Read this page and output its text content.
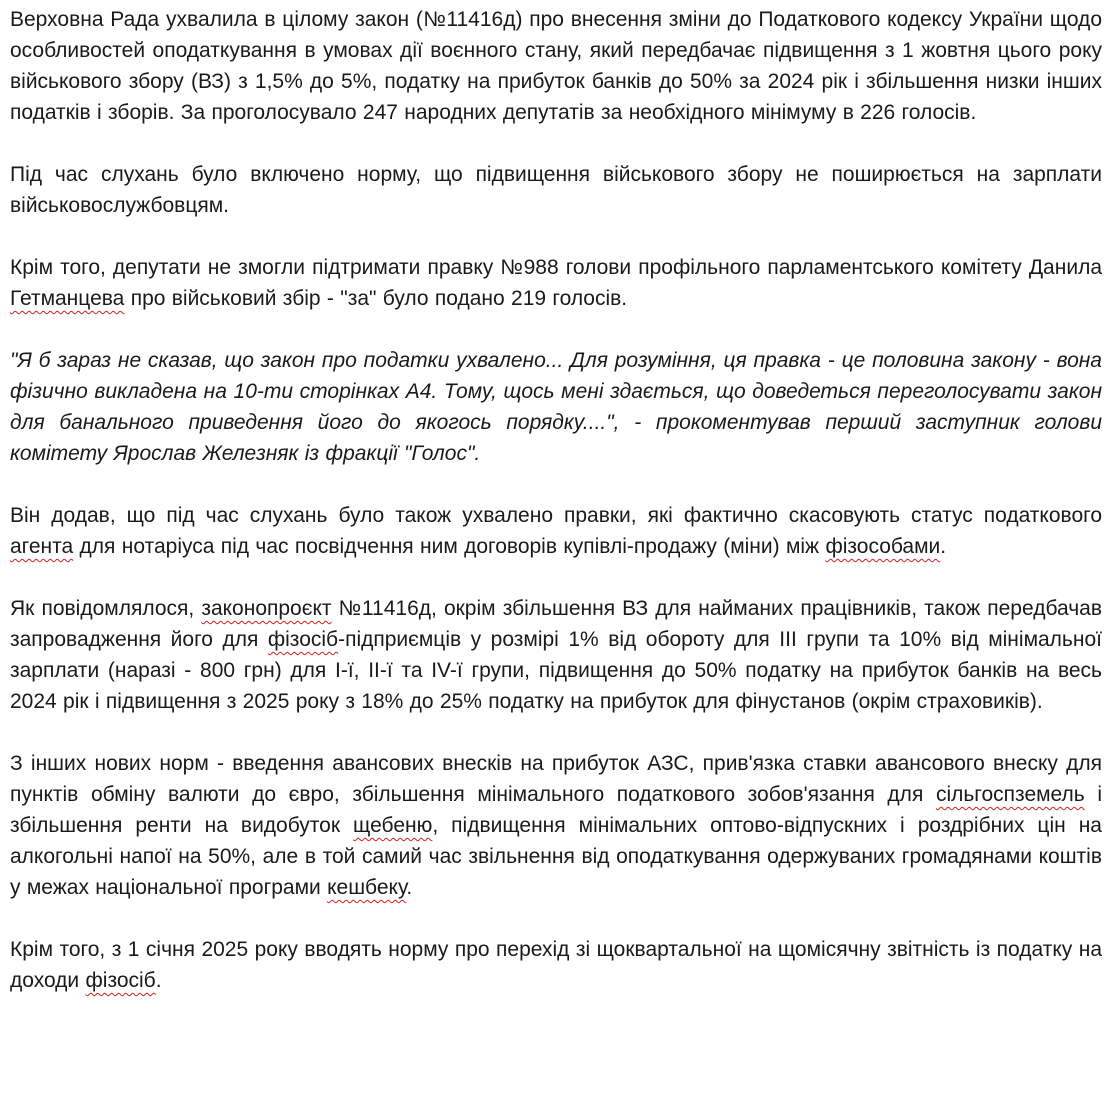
Верховна Рада ухвалила в цілому закон (№11416д) про внесення зміни до Податкового кодексу України щодо особливостей оподаткування в умовах дії воєнного стану, який передбачає підвищення з 1 жовтня цього року військового збору (ВЗ) з 1,5% до 5%, податку на прибуток банків до 50% за 2024 рік і збільшення низки інших податків і зборів. За проголосувало 247 народних депутатів за необхідного мінімуму в 226 голосів.

Під час слухань було включено норму, що підвищення військового збору не поширюється на зарплати військовослужбовцям.

Крім того, депутати не змогли підтримати правку №988 голови профільного парламентського комітету Данила Гетманцева про військовий збір - "за" було подано 219 голосів.

"Я б зараз не сказав, що закон про податки ухвалено... Для розуміння, ця правка - це половина закону - вона фізично викладена на 10-ти сторінках А4. Тому, щось мені здається, що доведеться переголосувати закон для банального приведення його до якогось порядку....", - прокоментував перший заступник голови комітету Ярослав Железняк із фракції "Голос".

Він додав, що під час слухань було також ухвалено правки, які фактично скасовують статус податкового агента для нотаріуса під час посвідчення ним договорів купівлі-продажу (міни) між фізособами.

Як повідомлялося, законопроєкт №11416д, окрім збільшення ВЗ для найманих працівників, також передбачав запровадження його для фізосіб-підприємців у розмірі 1% від обороту для III групи та 10% від мінімальної зарплати (наразі - 800 грн) для I-ї, II-ї та IV-ї групи, підвищення до 50% податку на прибуток банків на весь 2024 рік і підвищення з 2025 року з 18% до 25% податку на прибуток для фінустанов (окрім страховиків).

З інших нових норм - введення авансових внесків на прибуток АЗС, прив'язка ставки авансового внеску для пунктів обміну валюти до євро, збільшення мінімального податкового зобов'язання для сільгоспземель і збільшення ренти на видобуток щебеню, підвищення мінімальних оптово-відпускних і роздрібних цін на алкогольні напої на 50%, але в той самий час звільнення від оподаткування одержуваних громадянами коштів у межах національної програми кешбеку.

Крім того, з 1 січня 2025 року вводять норму про перехід зі щоквартальної на щомісячну звітність із податку на доходи фізосіб.
